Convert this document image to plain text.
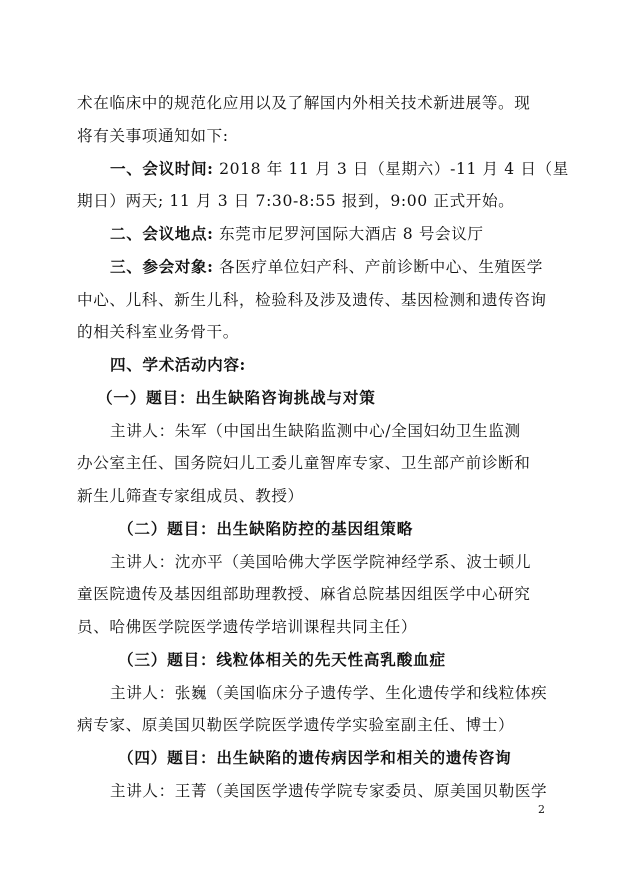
术在临床中的规范化应用以及了解国内外相关技术新进展等。现
将有关事项通知如下:
一、会议时间: 2018 年 11 月 3 日（星期六）-11 月 4 日（星
期日）两天; 11 月 3 日 7:30-8:55 报到，9:00 正式开始。
二、会议地点: 东莞市尼罗河国际大酒店 8 号会议厅
三、参会对象: 各医疗单位妇产科、产前诊断中心、生殖医学
中心、儿科、新生儿科，检验科及涉及遗传、基因检测和遗传咨询
的相关科室业务骨干。
四、学术活动内容:
（一）题目：出生缺陷咨询挑战与对策
主讲人：朱军（中国出生缺陷监测中心/全国妇幼卫生监测
办公室主任、国务院妇儿工委儿童智库专家、卫生部产前诊断和
新生儿筛查专家组成员、教授）
（二）题目：出生缺陷防控的基因组策略
主讲人：沈亦平（美国哈佛大学医学院神经学系、波士顿儿
童医院遗传及基因组部助理教授、麻省总院基因组医学中心研究
员、哈佛医学院医学遗传学培训课程共同主任）
（三）题目：线粒体相关的先天性高乳酸血症
主讲人：张巍（美国临床分子遗传学、生化遗传学和线粒体疾
病专家、原美国贝勒医学院医学遗传学实验室副主任、博士）
（四）题目：出生缺陷的遗传病因学和相关的遗传咨询
主讲人：王菁（美国医学遗传学院专家委员、原美国贝勒医学
2
